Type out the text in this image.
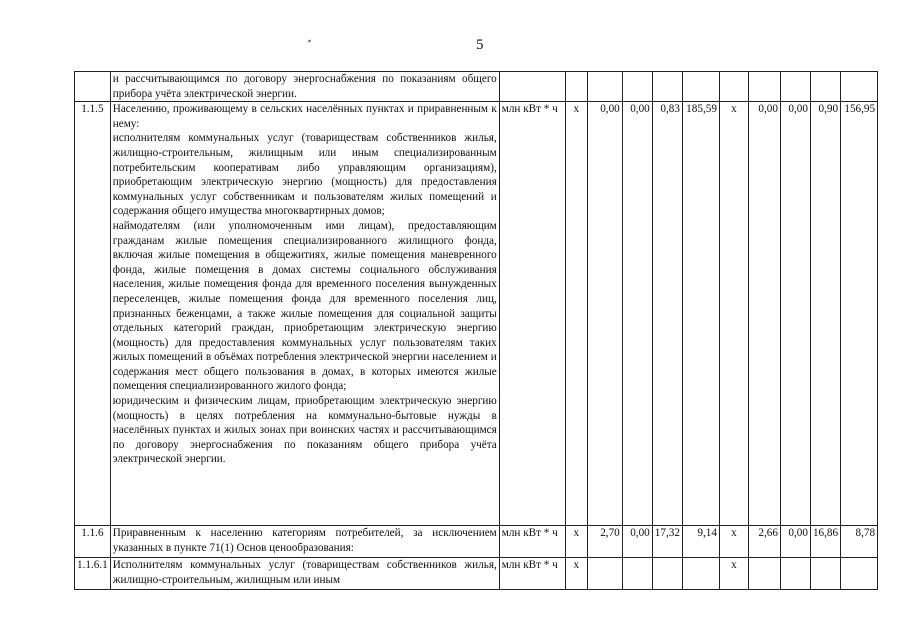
5

	и рассчитывающимся по договору энергоснабжения по показаниям общего прибора учёта электрической энергии.											

1.1.5	Населению, проживающему в сельских населённых пунктах и приравненным к нему:
исполнителям коммунальных услуг (товариществам собственников жилья, жилищно-строительным, жилищным или иным специализированным потребительским кооперативам либо управляющим организациям), приобретающим электрическую энергию (мощность) для предоставления коммунальных услуг собственникам и пользователям жилых помещений и содержания общего имущества многоквартирных домов;
наймодателям (или уполномоченным ими лицам), предоставляющим гражданам жилые помещения специализированного жилищного фонда, включая жилые помещения в общежитиях, жилые помещения маневренного фонда, жилые помещения в домах системы социального обслуживания населения, жилые помещения фонда для временного поселения вынужденных переселенцев, жилые помещения фонда для временного поселения лиц, признанных беженцами, а также жилые помещения для социальной защиты отдельных категорий граждан, приобретающим электрическую энергию (мощность) для предоставления коммунальных услуг пользователям таких жилых помещений в объёмах потребления электрической энергии населением и содержания мест общего пользования в домах, в которых имеются жилые помещения специализированного жилого фонда;
юридическим и физическим лицам, приобретающим электрическую энергию (мощность) в целях потребления на коммунально-бытовые нужды в населённых пунктах и жилых зонах при воинских частях и рассчитывающимся по договору энергоснабжения по показаниям общего прибора учёта электрической энергии.	млн кВт * ч	x	0,00	0,00	0,83	185,59	x	0,00	0,00	0,90	156,95
1.1.6	Приравненным к населению категориям потребителей, за исключением указанных в пункте 71(1) Основ ценообразования:	млн кВт * ч	x	2,70	0,00	17,32	9,14	x	2,66	0,00	16,86	8,78
1.1.6.1	Исполнителям коммунальных услуг (товариществам собственников жилья, жилищно-строительным, жилищным или иным	млн кВт * ч	x					x				
